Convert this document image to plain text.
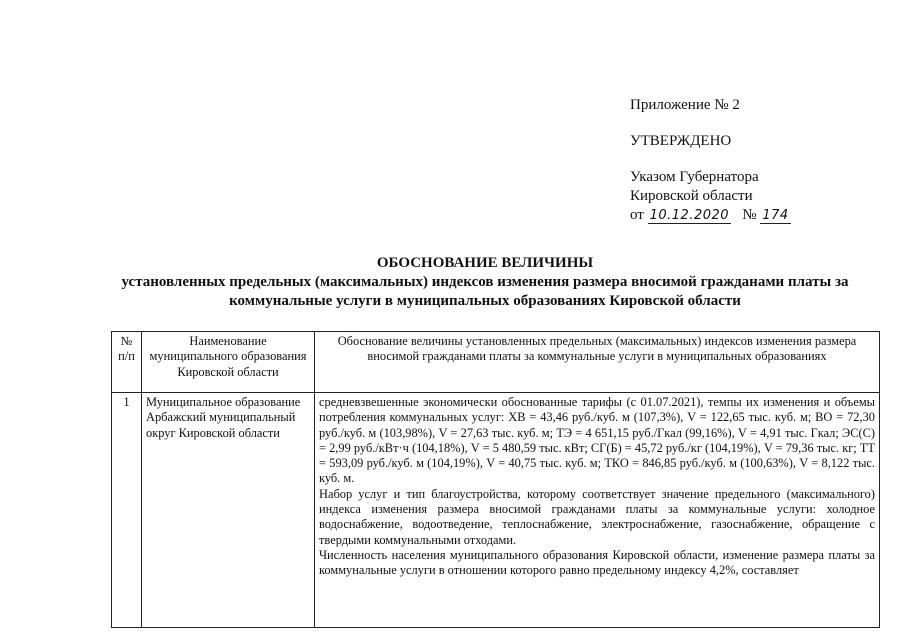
Приложение № 2
УТВЕРЖДЕНО
Указом Губернатора
Кировской области
от 10.12.2020 № 174
ОБОСНОВАНИЕ ВЕЛИЧИНЫ
установленных предельных (максимальных) индексов изменения размера вносимой гражданами платы за коммунальные услуги в муниципальных образованиях Кировской области
№ п/п	Наименование муниципального образования Кировской области	Обоснование величины установленных предельных (максимальных) индексов изменения размера вносимой гражданами платы за коммунальные услуги в муниципальных образованиях
1	Муниципальное образование Арбажский муниципальный округ Кировской области	средневзвешенные экономически обоснованные тарифы (с 01.07.2021), темпы их изменения и объемы потребления коммунальных услуг: ХВ = 43,46 руб./куб. м (107,3%), V = 122,65 тыс. куб. м; ВО = 72,30 руб./куб. м (103,98%), V = 27,63 тыс. куб. м; ТЭ = 4 651,15 руб./Гкал (99,16%), V = 4,91 тыс. Гкал; ЭС(С) = 2,99 руб./кВт·ч (104,18%), V = 5 480,59 тыс. кВт; СГ(Б) = 45,72 руб./кг (104,19%), V = 79,36 тыс. кг; ТТ = 593,09 руб./куб. м (104,19%), V = 40,75 тыс. куб. м; ТКО = 846,85 руб./куб. м (100,63%), V = 8,122 тыс. куб. м.

Набор услуг и тип благоустройства, которому соответствует значение предельного (максимального) индекса изменения размера вносимой гражданами платы за коммунальные услуги: холодное водоснабжение, водоотведение, теплоснабжение, электроснабжение, газоснабжение, обращение с твердыми коммунальными отходами.

Численность населения муниципального образования Кировской области, изменение размера платы за коммунальные услуги в отношении которого равно предельному индексу 4,2%, составляет
